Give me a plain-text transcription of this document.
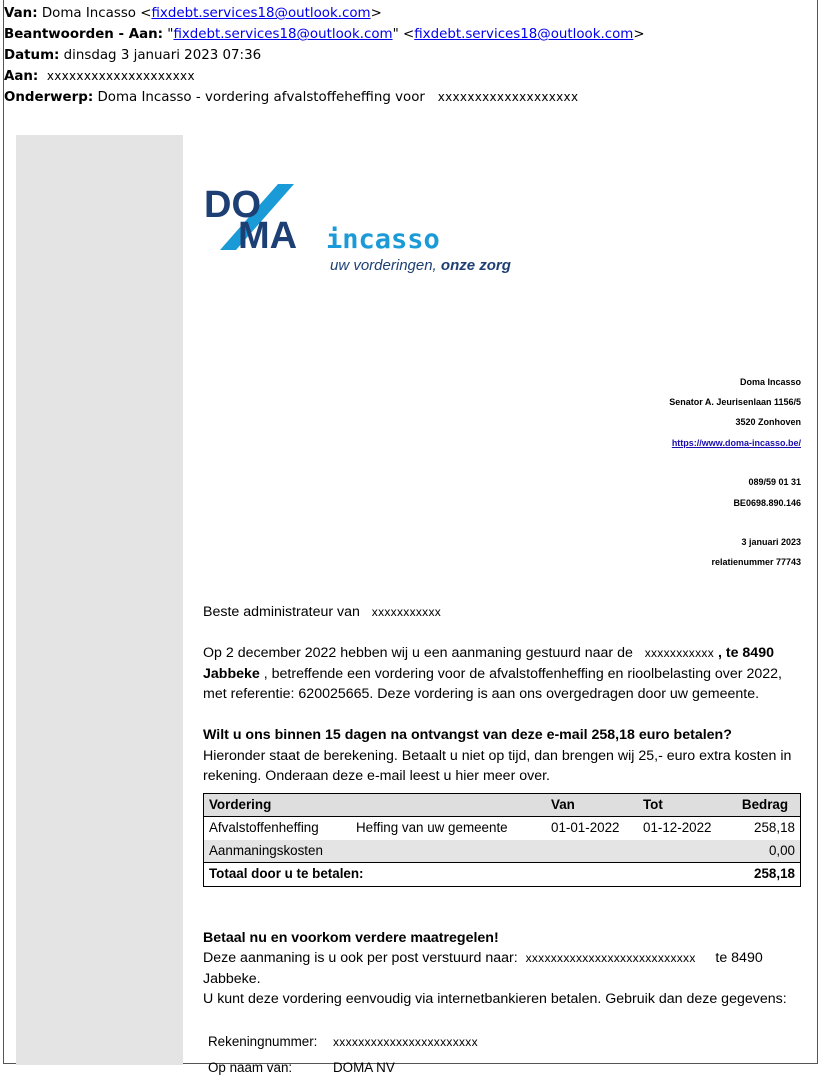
Van: Doma Incasso <fixdebt.services18@outlook.com>
Beantwoorden - Aan: "fixdebt.services18@outlook.com" <fixdebt.services18@outlook.com>
Datum: dinsdag 3 januari 2023 07:36
Aan: xxxxxxxxxxxxxxxxxxxx
Onderwerp: Doma Incasso - vordering afvalstoffeheffing voor xxxxxxxxxxxxxxxxxxx
DO
MA incasso
uw vorderingen, onze zorg
Doma Incasso
Senator A. Jeurisenlaan 1156/5
3520 Zonhoven
https://www.doma-incasso.be/
089/59 01 31
BE0698.890.146
3 januari 2023
relatienummer 77743

Beste administrateur van xxxxxxxxxxx

Op 2 december 2022 hebben wij u een aanmaning gestuurd naar de xxxxxxxxxxx , te 8490 Jabbeke , betreffende een vordering voor de afvalstoffenheffing en rioolbelasting over 2022, met referentie: 620025665. Deze vordering is aan ons overgedragen door uw gemeente.

Wilt u ons binnen 15 dagen na ontvangst van deze e-mail 258,18 euro betalen?

Hieronder staat de berekening. Betaalt u niet op tijd, dan brengen wij 25,- euro extra kosten in rekening. Onderaan deze e-mail leest u hier meer over.

Vordering		Van	Tot	Bedrag
Afvalstoffenheffing	Heffing van uw gemeente	01-01-2022	01-12-2022	258,18
Aanmaningskosten				0,00
Totaal door u te betalen:				258,18

Betaal nu en voorkom verdere maatregelen!

Deze aanmaning is u ook per post verstuurd naar: xxxxxxxxxxxxxxxxxxxxxxxxxxx te 8490 Jabbeke.

U kunt deze vordering eenvoudig via internetbankieren betalen. Gebruik dan deze gegevens:

Rekeningnummer:	xxxxxxxxxxxxxxxxxxxxxxx
Op naam van:	DOMA NV
